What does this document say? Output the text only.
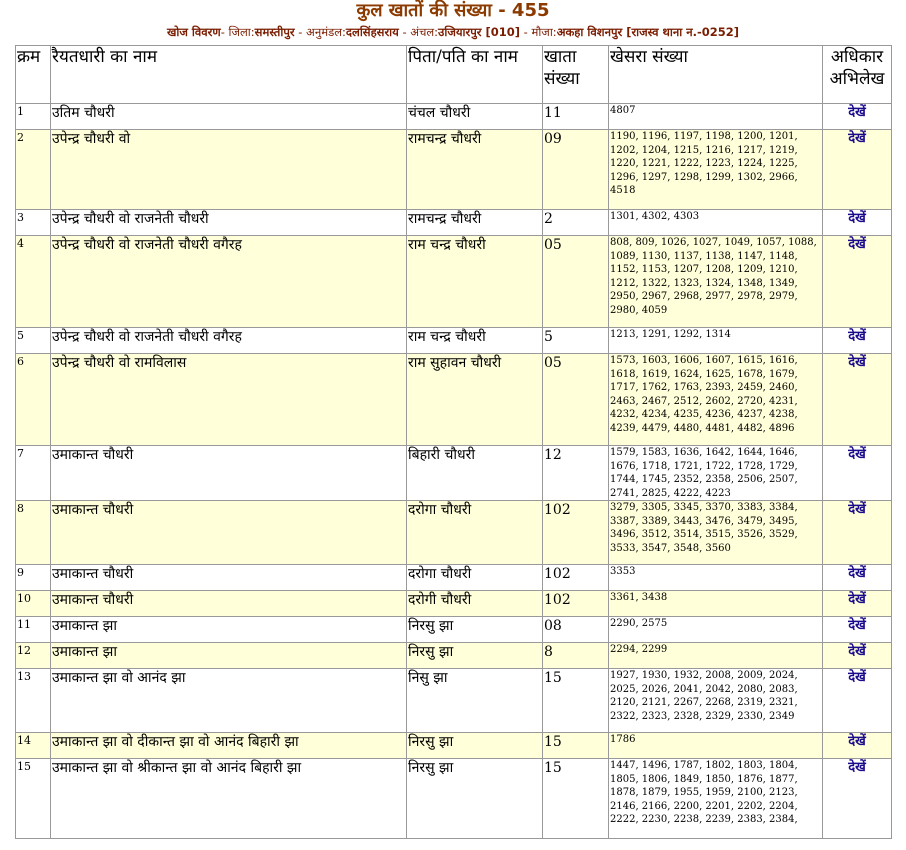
कुल खातों की संख्या - 455
खोज विवरण- जिला:समस्तीपुर - अनुमंडल:दलसिंहसराय - अंचल:उजियारपुर [010] - मौजा:अकहा विशनपुर [राजस्व थाना न.-0252]
क्रम	रैयतधारी का नाम	पिता/पति का नाम	खाता संख्या	खेसरा संख्या	अधिकार अभिलेख
1	उतिम चौधरी	चंचल चौधरी	11	4807	देखें
2	उपेन्द्र चौधरी वो	रामचन्द्र चौधरी	09	1190, 1196, 1197, 1198, 1200, 1201, 1202, 1204, 1215, 1216, 1217, 1219, 1220, 1221, 1222, 1223, 1224, 1225, 1296, 1297, 1298, 1299, 1302, 2966, 4518	देखें
3	उपेन्द्र चौधरी वो राजनेती चौधरी	रामचन्द्र चौधरी	2	1301, 4302, 4303	देखें
4	उपेन्द्र चौधरी वो राजनेती चौधरी वगैरह	राम चन्द्र चौधरी	05	808, 809, 1026, 1027, 1049, 1057, 1088, 1089, 1130, 1137, 1138, 1147, 1148, 1152, 1153, 1207, 1208, 1209, 1210, 1212, 1322, 1323, 1324, 1348, 1349, 2950, 2967, 2968, 2977, 2978, 2979, 2980, 4059	देखें
5	उपेन्द्र चौधरी वो राजनेती चौधरी वगैरह	राम चन्द्र चौधरी	5	1213, 1291, 1292, 1314	देखें
6	उपेन्द्र चौधरी वो रामविलास	राम सुहावन चौधरी	05	1573, 1603, 1606, 1607, 1615, 1616, 1618, 1619, 1624, 1625, 1678, 1679, 1717, 1762, 1763, 2393, 2459, 2460, 2463, 2467, 2512, 2602, 2720, 4231, 4232, 4234, 4235, 4236, 4237, 4238, 4239, 4479, 4480, 4481, 4482, 4896	देखें
7	उमाकान्त चौधरी	बिहारी चौधरी	12	1579, 1583, 1636, 1642, 1644, 1646, 1676, 1718, 1721, 1722, 1728, 1729, 1744, 1745, 2352, 2358, 2506, 2507, 2741, 2825, 4222, 4223	देखें
8	उमाकान्त चौधरी	दरोगा चौधरी	102	3279, 3305, 3345, 3370, 3383, 3384, 3387, 3389, 3443, 3476, 3479, 3495, 3496, 3512, 3514, 3515, 3526, 3529, 3533, 3547, 3548, 3560	देखें
9	उमाकान्त चौधरी	दरोगा चौधरी	102	3353	देखें
10	उमाकान्त चौधरी	दरोगी चौधरी	102	3361, 3438	देखें
11	उमाकान्त झा	निरसु झा	08	2290, 2575	देखें
12	उमाकान्त झा	निरसु झा	8	2294, 2299	देखें
13	उमाकान्त झा वो आनंद झा	निसु झा	15	1927, 1930, 1932, 2008, 2009, 2024, 2025, 2026, 2041, 2042, 2080, 2083, 2120, 2121, 2267, 2268, 2319, 2321, 2322, 2323, 2328, 2329, 2330, 2349	देखें
14	उमाकान्त झा वो दीकान्त झा वो आनंद बिहारी झा	निरसु झा	15	1786	देखें
15	उमाकान्त झा वो श्रीकान्त झा वो आनंद बिहारी झा	निरसु झा	15	1447, 1496, 1787, 1802, 1803, 1804, 1805, 1806, 1849, 1850, 1876, 1877, 1878, 1879, 1955, 1959, 2100, 2123, 2146, 2166, 2200, 2201, 2202, 2204, 2222, 2230, 2238, 2239, 2383, 2384,	देखें
